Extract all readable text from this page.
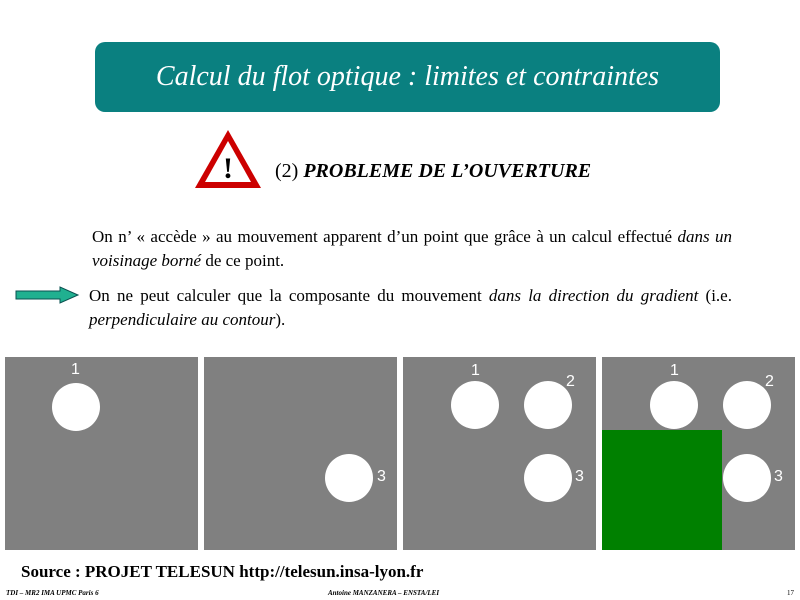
Calcul du flot optique : limites et contraintes
! (2) PROBLEME DE L’OUVERTURE
On n’ « accède » au mouvement apparent d’un point que grâce à un calcul effectué dans un voisinage borné de ce point.
On ne peut calculer que la composante du mouvement dans la direction du gradient (i.e. perpendiculaire au contour).
1
3
1
2
3
1
2
3
Source : PROJET TELESUN http://telesun.insa-lyon.fr
TDI – MR2 IMA UPMC Paris 6	Antoine MANZANERA – ENSTA/LEI	17
